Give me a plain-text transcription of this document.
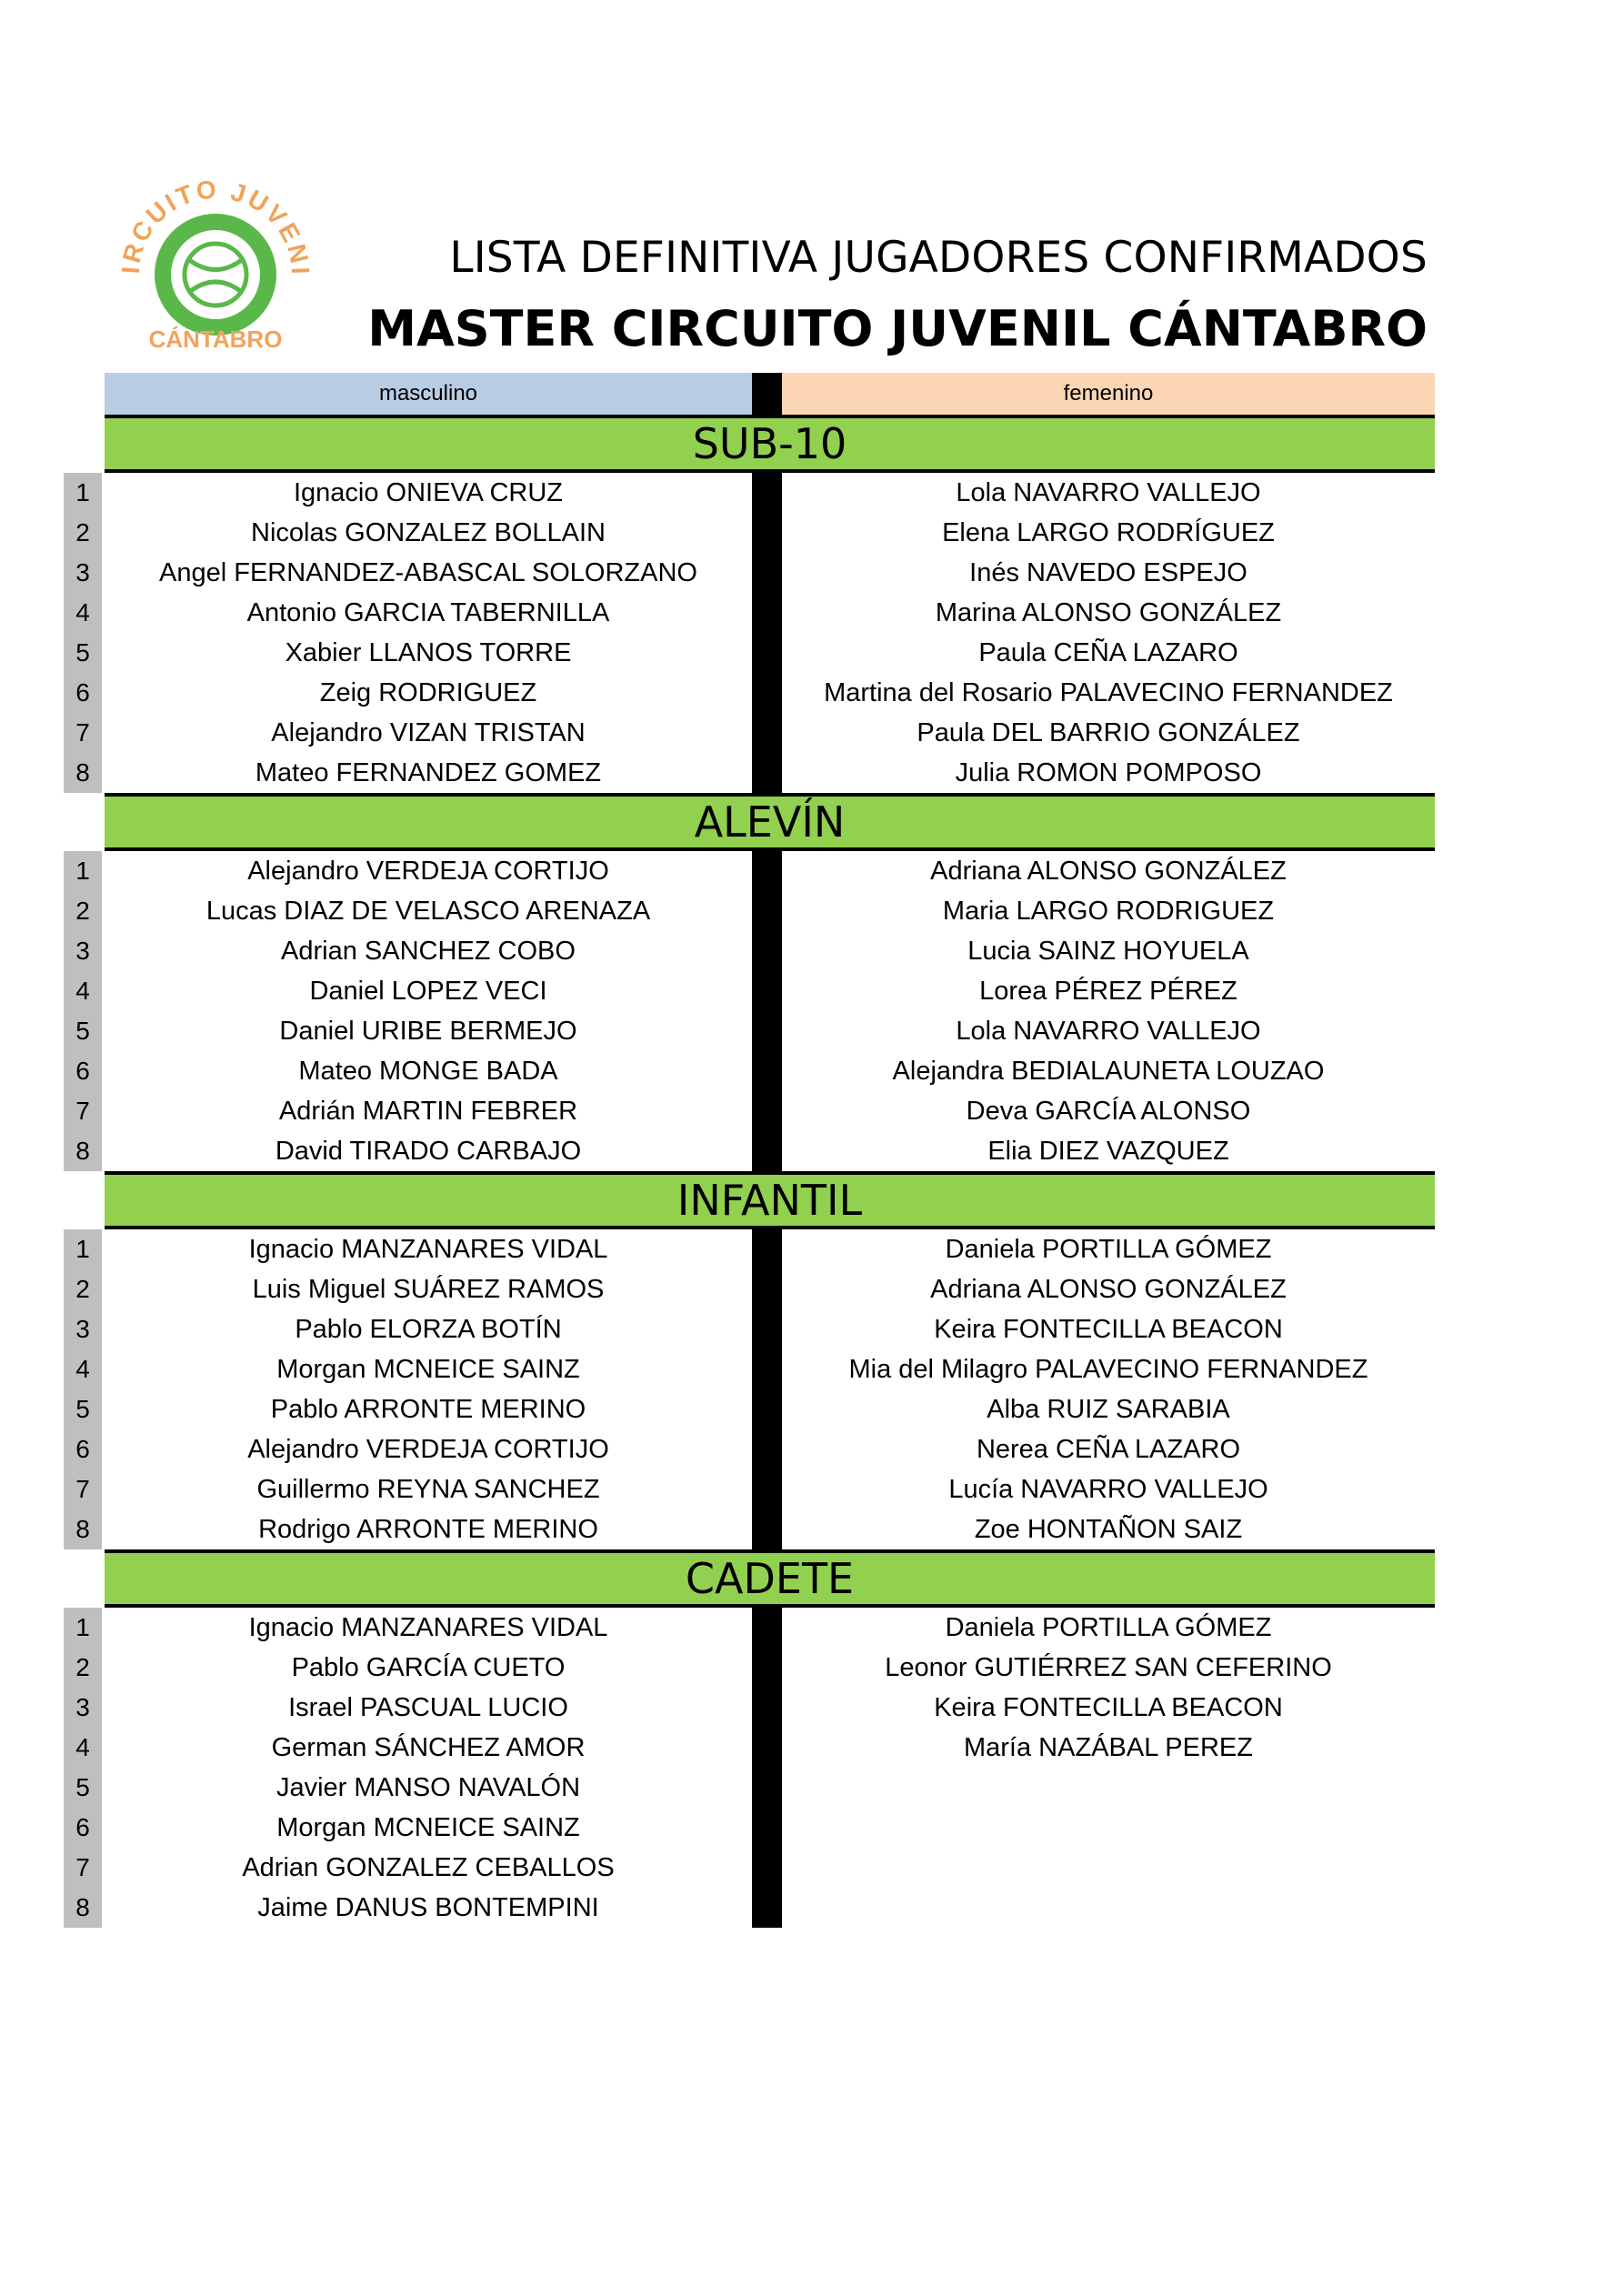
IRCUITO JUVENI
CÁNTABRO
LISTA DEFINITIVA JUGADORES CONFIRMADOS
MASTER CIRCUITO JUVENIL CÁNTABRO
masculino	femenino
SUB-10
1	Ignacio ONIEVA CRUZ	Lola NAVARRO VALLEJO
2	Nicolas GONZALEZ BOLLAIN	Elena LARGO RODRÍGUEZ
3	Angel FERNANDEZ-ABASCAL SOLORZANO	Inés NAVEDO ESPEJO
4	Antonio GARCIA TABERNILLA	Marina ALONSO GONZÁLEZ
5	Xabier LLANOS TORRE	Paula CEÑA LAZARO
6	Zeig RODRIGUEZ	Martina del Rosario PALAVECINO FERNANDEZ
7	Alejandro VIZAN TRISTAN	Paula DEL BARRIO GONZÁLEZ
8	Mateo FERNANDEZ GOMEZ	Julia ROMON POMPOSO
ALEVÍN
1	Alejandro VERDEJA CORTIJO	Adriana ALONSO GONZÁLEZ
2	Lucas DIAZ DE VELASCO ARENAZA	Maria LARGO RODRIGUEZ
3	Adrian SANCHEZ COBO	Lucia SAINZ HOYUELA
4	Daniel LOPEZ VECI	Lorea PÉREZ PÉREZ
5	Daniel URIBE BERMEJO	Lola NAVARRO VALLEJO
6	Mateo MONGE BADA	Alejandra BEDIALAUNETA LOUZAO
7	Adrián MARTIN FEBRER	Deva GARCÍA ALONSO
8	David TIRADO CARBAJO	Elia DIEZ VAZQUEZ
INFANTIL
1	Ignacio MANZANARES VIDAL	Daniela PORTILLA GÓMEZ
2	Luis Miguel SUÁREZ RAMOS	Adriana ALONSO GONZÁLEZ
3	Pablo ELORZA BOTÍN	Keira FONTECILLA BEACON
4	Morgan MCNEICE SAINZ	Mia del Milagro PALAVECINO FERNANDEZ
5	Pablo ARRONTE MERINO	Alba RUIZ SARABIA
6	Alejandro VERDEJA CORTIJO	Nerea CEÑA LAZARO
7	Guillermo REYNA SANCHEZ	Lucía NAVARRO VALLEJO
8	Rodrigo ARRONTE MERINO	Zoe HONTAÑON SAIZ
CADETE
1	Ignacio MANZANARES VIDAL	Daniela PORTILLA GÓMEZ
2	Pablo GARCÍA CUETO	Leonor GUTIÉRREZ SAN CEFERINO
3	Israel PASCUAL LUCIO	Keira FONTECILLA BEACON
4	German SÁNCHEZ AMOR	María NAZÁBAL PEREZ
5	Javier MANSO NAVALÓN
6	Morgan MCNEICE SAINZ
7	Adrian GONZALEZ CEBALLOS
8	Jaime DANUS BONTEMPINI
